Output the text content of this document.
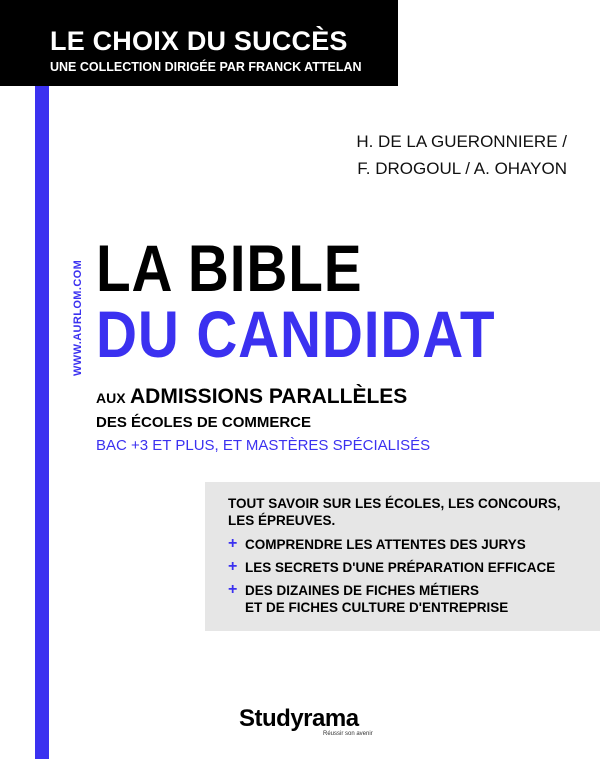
LE CHOIX DU SUCCÈS
UNE COLLECTION DIRIGÉE PAR FRANCK ATTELAN
H. DE LA GUERONNIERE /
F. DROGOUL / A. OHAYON
WWW.AURLOM.COM LA BIBLE
DU CANDIDAT
AUX ADMISSIONS PARALLÈLES
DES ÉCOLES DE COMMERCE
BAC +3 ET PLUS, ET MASTÈRES SPÉCIALISÉS
TOUT SAVOIR SUR LES ÉCOLES, LES CONCOURS, LES ÉPREUVES.
+ COMPRENDRE LES ATTENTES DES JURYS
+ LES SECRETS D'UNE PRÉPARATION EFFICACE
+ DES DIZAINES DE FICHES MÉTIERS
ET DE FICHES CULTURE D'ENTREPRISE
Studyrama
Réussir son avenir
